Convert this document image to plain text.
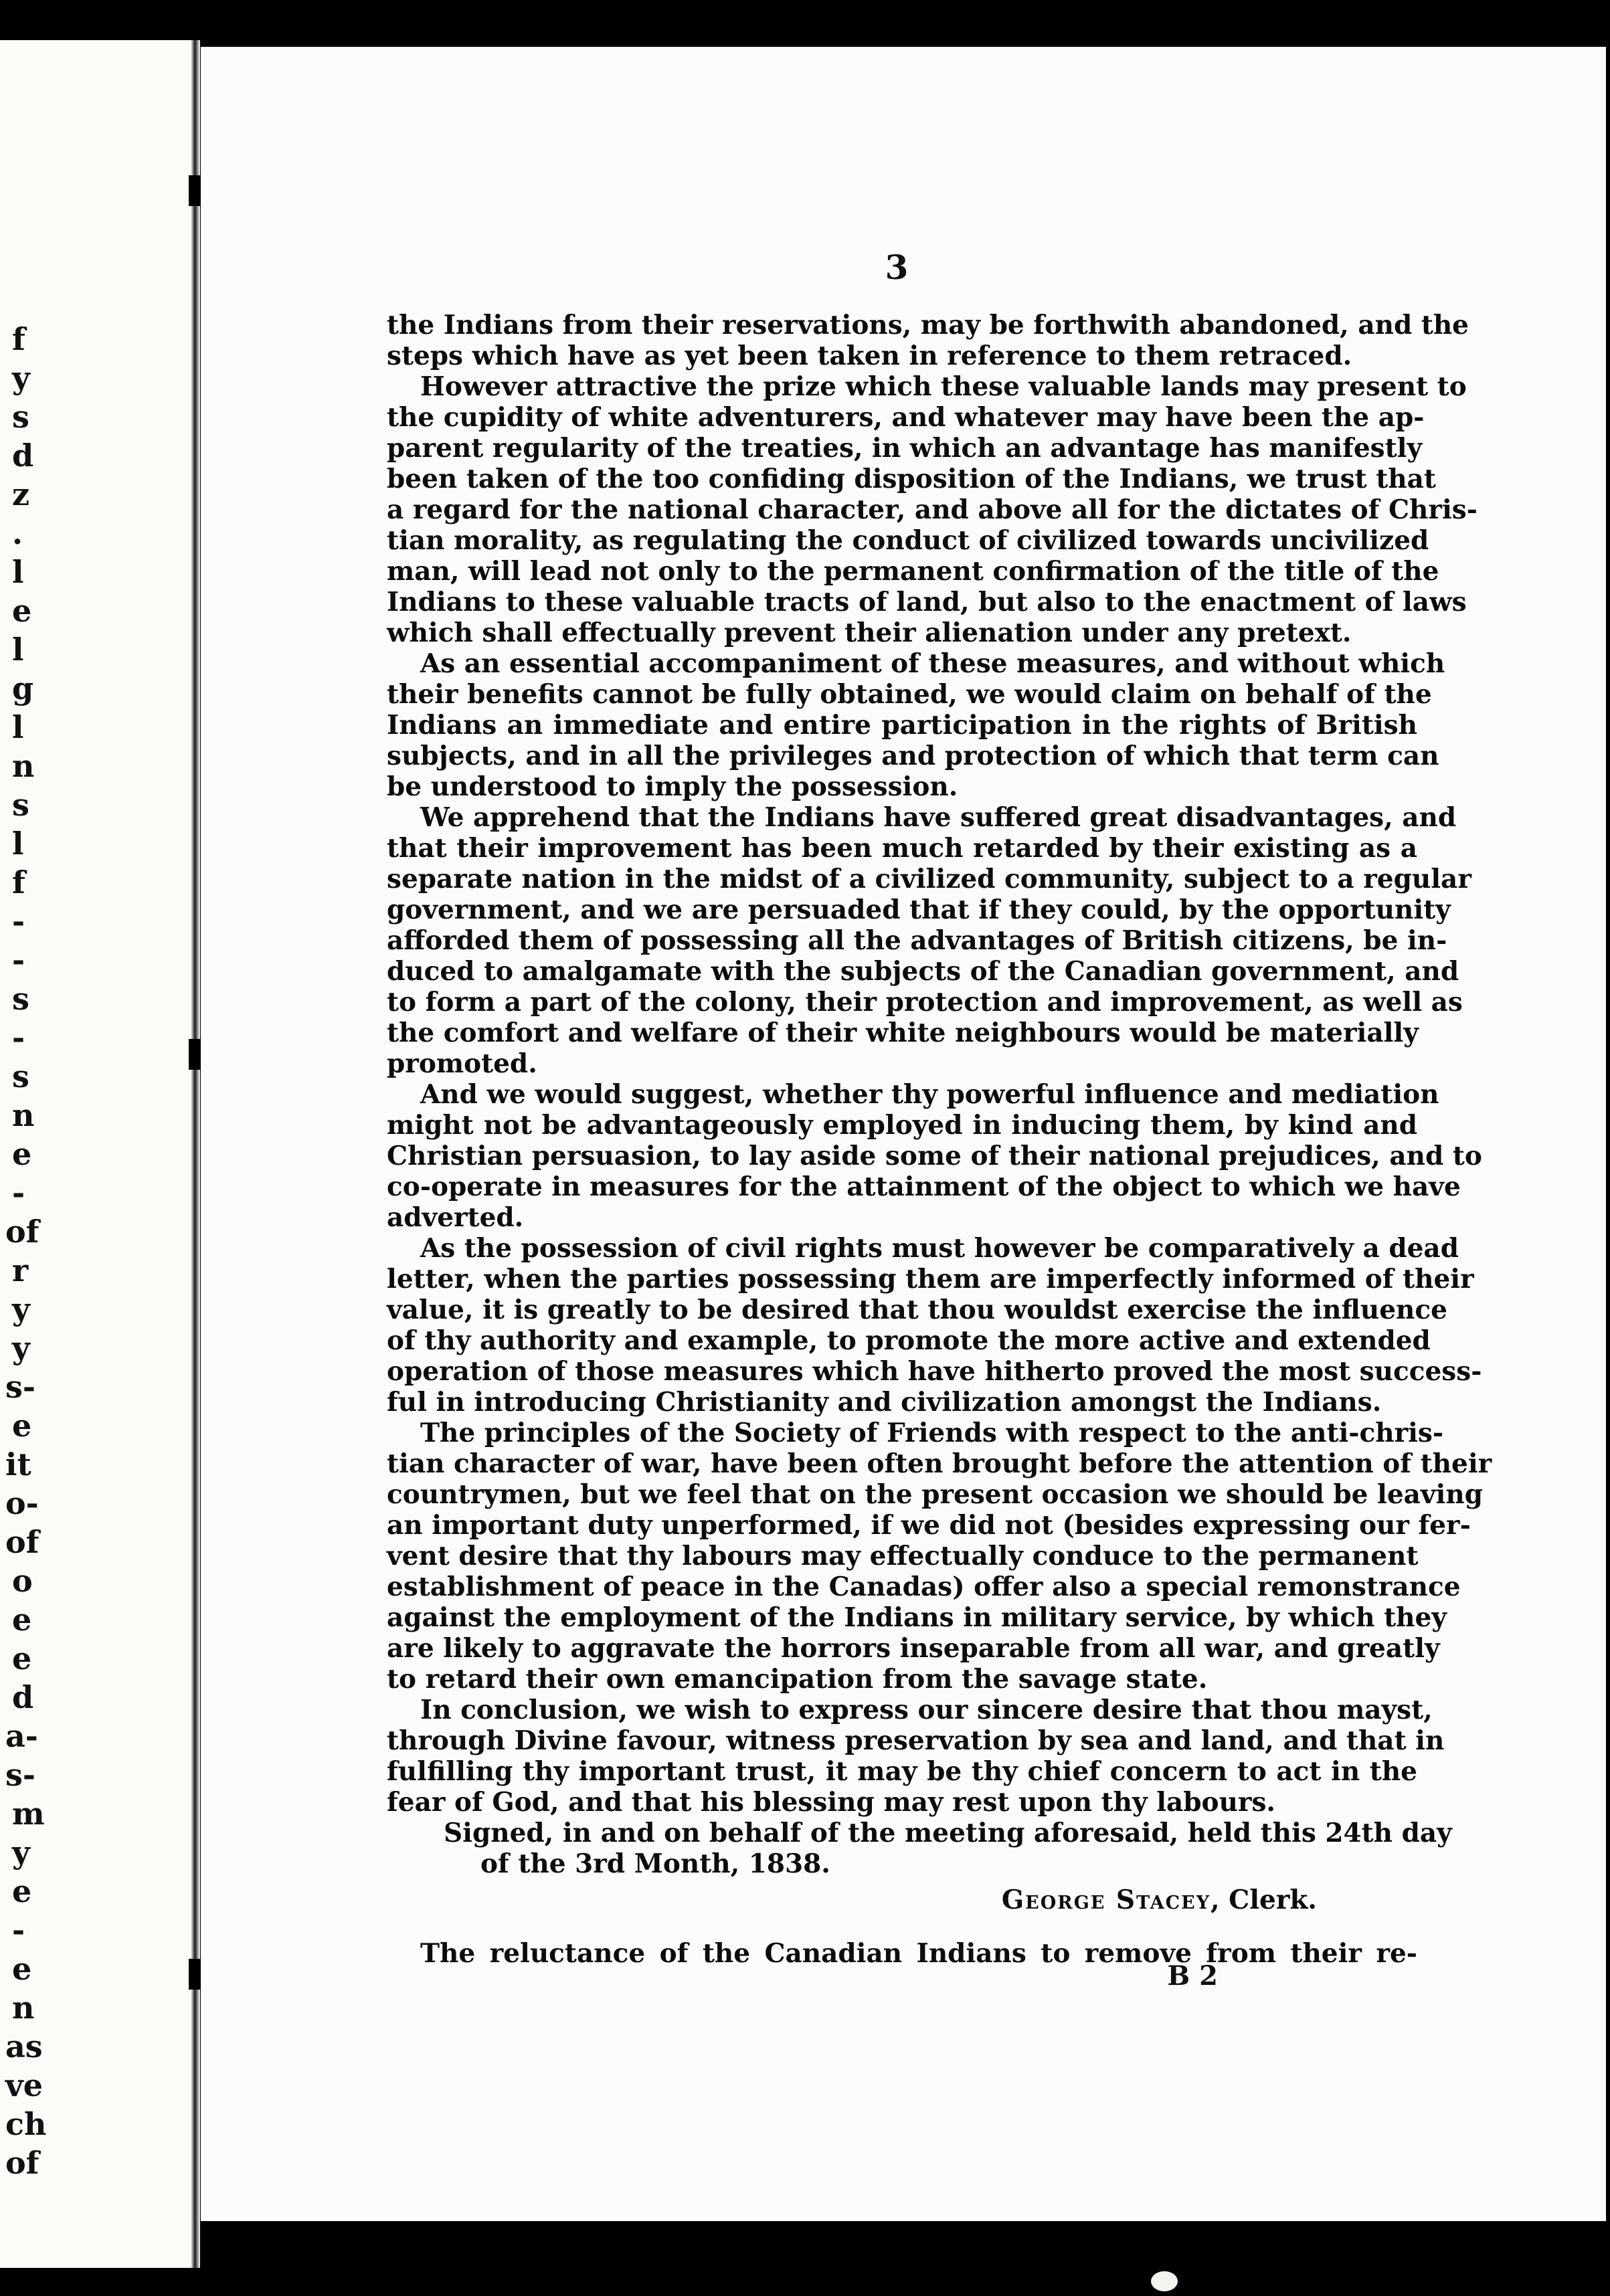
f
y
s
d
z
.
l
e
l
g
l
n
s
l
f
-
-
s
-
s
n
e
-
of
r
y
y
s-
e
it
o-
of
o
e
e
d
a-
s-
m
y
e
-
e
n
as
ve
ch
of
3
the Indians from their reservations, may be forthwith abandoned, and the
steps which have as yet been taken in reference to them retraced.
However attractive the prize which these valuable lands may present to
the cupidity of white adventurers, and whatever may have been the ap-
parent regularity of the treaties, in which an advantage has manifestly
been taken of the too confiding disposition of the Indians, we trust that
a regard for the national character, and above all for the dictates of Chris-
tian morality, as regulating the conduct of civilized towards uncivilized
man, will lead not only to the permanent confirmation of the title of the
Indians to these valuable tracts of land, but also to the enactment of laws
which shall effectually prevent their alienation under any pretext.
As an essential accompaniment of these measures, and without which
their benefits cannot be fully obtained, we would claim on behalf of the
Indians an immediate and entire participation in the rights of British
subjects, and in all the privileges and protection of which that term can
be understood to imply the possession.
We apprehend that the Indians have suffered great disadvantages, and
that their improvement has been much retarded by their existing as a
separate nation in the midst of a civilized community, subject to a regular
government, and we are persuaded that if they could, by the opportunity
afforded them of possessing all the advantages of British citizens, be in-
duced to amalgamate with the subjects of the Canadian government, and
to form a part of the colony, their protection and improvement, as well as
the comfort and welfare of their white neighbours would be materially
promoted.
And we would suggest, whether thy powerful influence and mediation
might not be advantageously employed in inducing them, by kind and
Christian persuasion, to lay aside some of their national prejudices, and to
co-operate in measures for the attainment of the object to which we have
adverted.
As the possession of civil rights must however be comparatively a dead
letter, when the parties possessing them are imperfectly informed of their
value, it is greatly to be desired that thou wouldst exercise the influence
of thy authority and example, to promote the more active and extended
operation of those measures which have hitherto proved the most success-
ful in introducing Christianity and civilization amongst the Indians.
The principles of the Society of Friends with respect to the anti-chris-
tian character of war, have been often brought before the attention of their
countrymen, but we feel that on the present occasion we should be leaving
an important duty unperformed, if we did not (besides expressing our fer-
vent desire that thy labours may effectually conduce to the permanent
establishment of peace in the Canadas) offer also a special remonstrance
against the employment of the Indians in military service, by which they
are likely to aggravate the horrors inseparable from all war, and greatly
to retard their own emancipation from the savage state.
In conclusion, we wish to express our sincere desire that thou mayst,
through Divine favour, witness preservation by sea and land, and that in
fulfilling thy important trust, it may be thy chief concern to act in the
fear of God, and that his blessing may rest upon thy labours.
Signed, in and on behalf of the meeting aforesaid, held this 24th day
of the 3rd Month, 1838.
George Stacey, Clerk.
The reluctance of the Canadian Indians to remove from their re-
B 2
